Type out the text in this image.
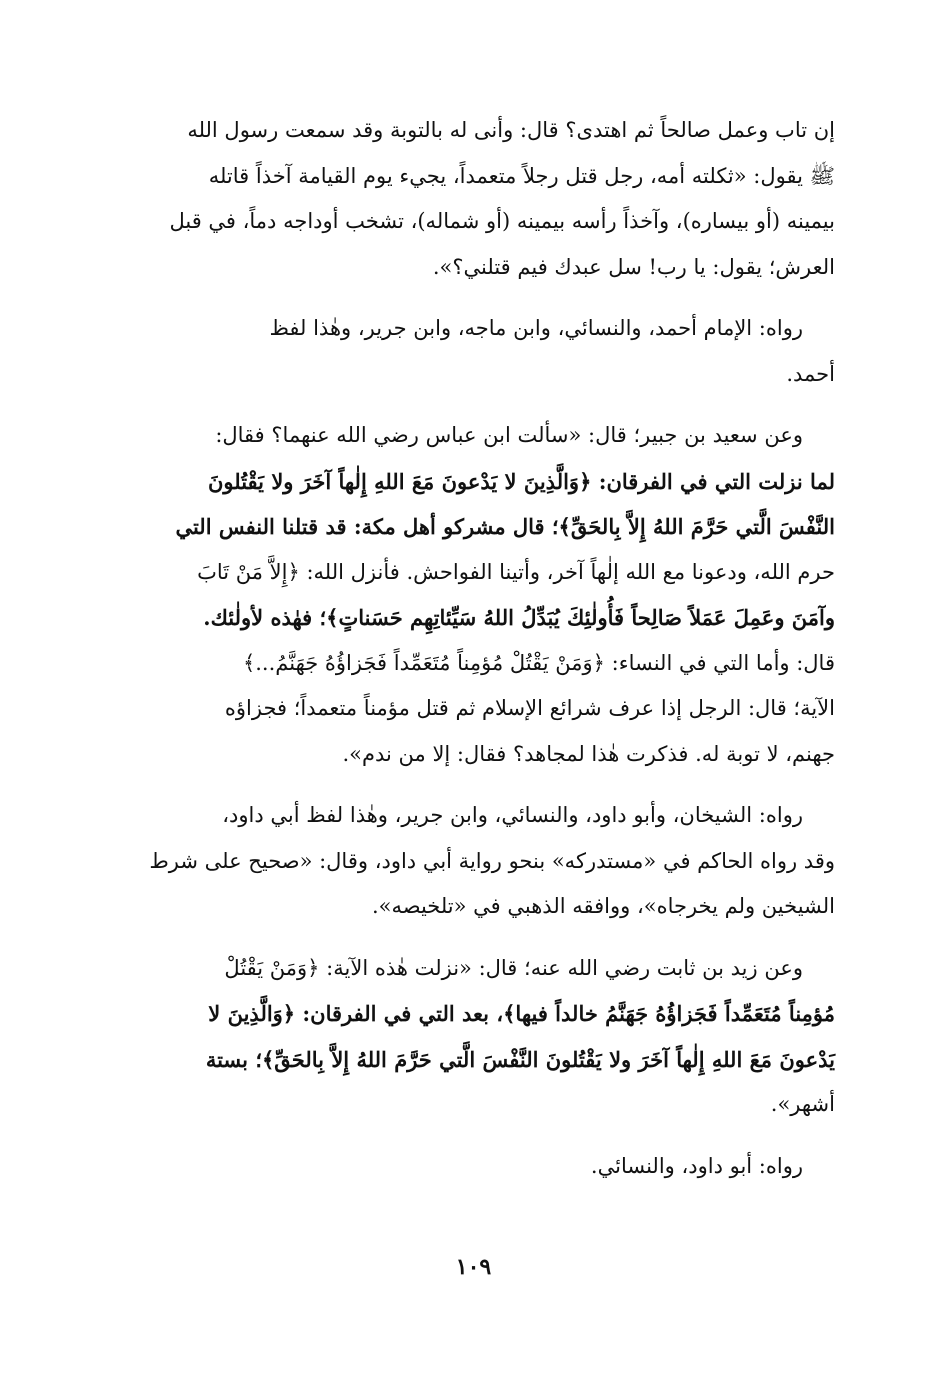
إن تاب وعمل صالحاً ثم اهتدى؟ قال: وأنى له بالتوبة وقد سمعت رسول الله

ﷺ يقول: «ثكلته أمه، رجل قتل رجلاً متعمداً، يجيء يوم القيامة آخذاً قاتله

بيمينه (أو بيساره)، وآخذاً رأسه بيمينه (أو شماله)، تشخب أوداجه دماً، في قبل

العرش؛ يقول: يا رب! سل عبدك فيم قتلني؟».

رواه: الإمام أحمد، والنسائي، وابن ماجه، وابن جرير، وهٰذا لفظ

أحمد.

وعن سعيد بن جبير؛ قال: «سألت ابن عباس رضي الله عنهما؟ فقال:

لما نزلت التي في الفرقان: ﴿وَالَّذِينَ لا يَدْعونَ مَعَ اللهِ إِلٰهاً آخَرَ ولا يَقْتُلونَ

النَّفْسَ الَّتي حَرَّمَ اللهُ إِلاَّ بِالحَقِّ﴾؛ قال مشركو أهل مكة: قد قتلنا النفس التي

حرم الله، ودعونا مع الله إلٰهاً آخر، وأتينا الفواحش. فأنزل الله: ﴿إِلاَّ مَنْ تَابَ

وآمَنَ وعَمِلَ عَمَلاً صَالِحاً فَأُولٰئِكَ يُبَدِّلُ اللهُ سَيِّئاتِهِم حَسَناتٍ﴾؛ فهٰذه لأولٰئك.

قال: وأما التي في النساء: ﴿وَمَنْ يَقْتُلْ مُؤمِناً مُتَعَمِّداً فَجَزاؤُهُ جَهَنَّمُ...﴾

الآية؛ قال: الرجل إذا عرف شرائع الإسلام ثم قتل مؤمناً متعمداً؛ فجزاؤه

جهنم، لا توبة له. فذكرت هٰذا لمجاهد؟ فقال: إلا من ندم».

رواه: الشيخان، وأبو داود، والنسائي، وابن جرير، وهٰذا لفظ أبي داود،

وقد رواه الحاكم في «مستدركه» بنحو رواية أبي داود، وقال: «صحيح على شرط

الشيخين ولم يخرجاه»، ووافقه الذهبي في «تلخيصه».

وعن زيد بن ثابت رضي الله عنه؛ قال: «نزلت هٰذه الآية: ﴿وَمَنْ يَقْتُلْ

مُؤمِناً مُتَعَمِّداً فَجَزاؤُهُ جَهَنَّمُ خالداً فيها﴾، بعد التي في الفرقان: ﴿وَالَّذِينَ لا

يَدْعونَ مَعَ اللهِ إِلٰهاً آخَرَ ولا يَقْتُلونَ النَّفْسَ الَّتي حَرَّمَ اللهُ إِلاَّ بِالحَقِّ﴾؛ بستة

أشهر».

رواه: أبو داود، والنسائي.

١٠٩
